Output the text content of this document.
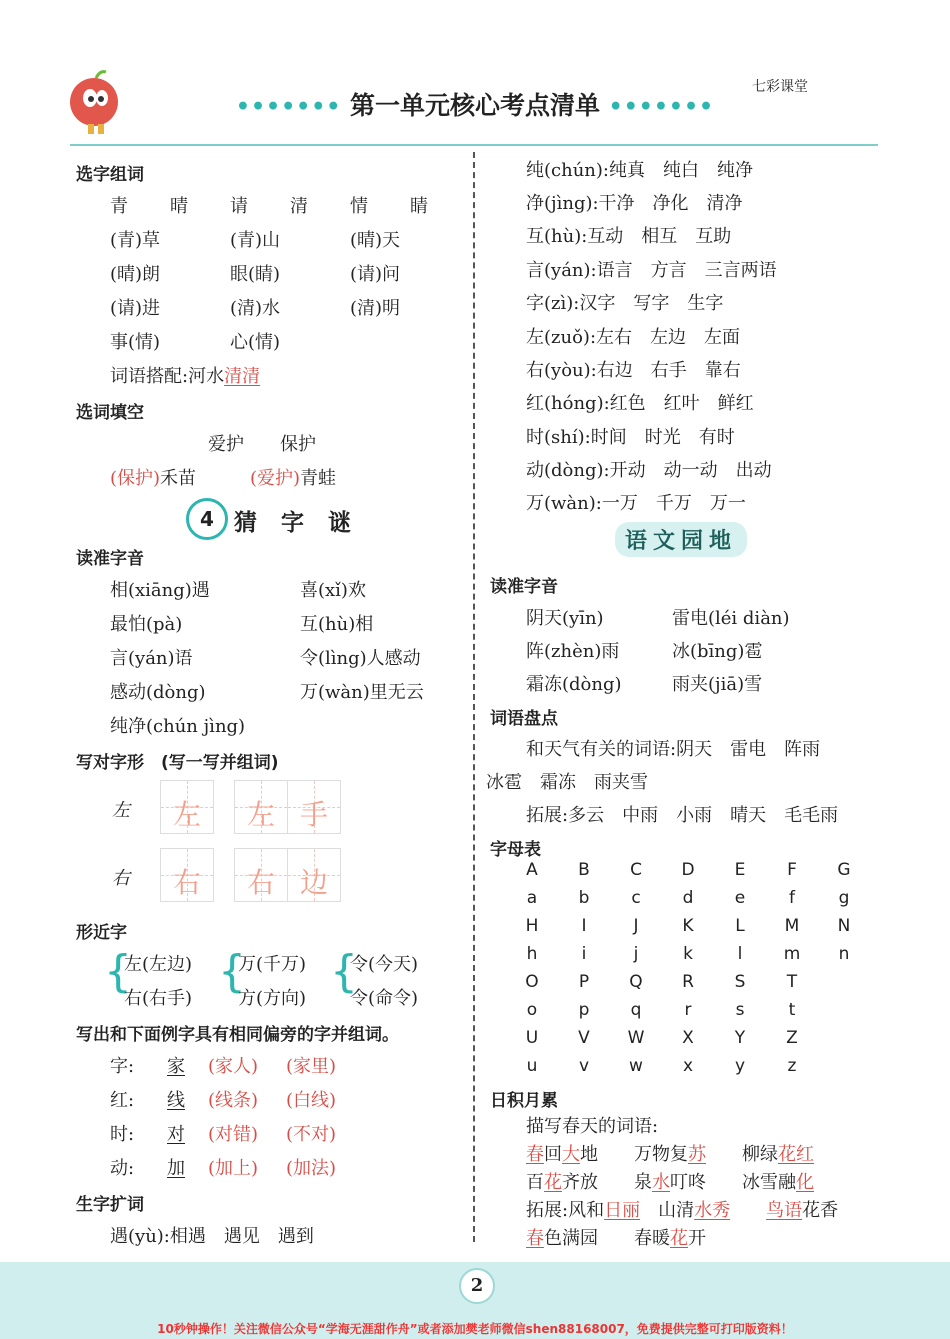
••••••• 第一单元核心考点清单 •••••••
七彩课堂
选字组词
青	晴	请	清	情	睛
(青)草	(青)山	(晴)天
(晴)朗	眼(睛)	(请)问
(请)进	(清)水	(清)明
事(情)	心(情)
词语搭配:河水清清
选词填空
爱护　　保护
(保护)禾苗	(爱护)青蛙
4 猜 字 谜
读准字音
相(xiāng)遇	喜(xǐ)欢
最怕(pà)	互(hù)相
言(yán)语	令(lìng)人感动
感动(dòng)	万(wàn)里无云
纯净(chún jìng)
写对字形　 (写一写并组词)
左	左	左 手
右	右	右 边
形近字
{
左(左边)
右(右手)
{
万(千万)
方(方向)
{
令(今天)
令(命令)
写出和下面例字具有相同偏旁的字并组词。
字:	家	(家人)	(家里)
红:	线	(线条)	(白线)
时:	对	(对错)	(不对)
动:	加	(加上)	(加法)
生字扩词
遇(yù):相遇　遇见　遇到
纯(chún):纯真　纯白　纯净
净(jìng):干净　净化　清净
互(hù):互动　相互　互助
言(yán):语言　方言　三言两语
字(zì):汉字　写字　生字
左(zuǒ):左右　左边　左面
右(yòu):右边　右手　靠右
红(hóng):红色　红叶　鲜红
时(shí):时间　时光　有时
动(dòng):开动　动一动　出动
万(wàn):一万　千万　万一
语文园地
读准字音
阴天(yīn)	雷电(léi diàn)
阵(zhèn)雨	冰(bīng)雹
霜冻(dòng)	雨夹(jiā)雪
词语盘点
和天气有关的词语:阴天　雷电　阵雨
冰雹　霜冻　雨夹雪
拓展:多云　中雨　小雨　晴天　毛毛雨
字母表
A	B	C	D	E	F	G
a	b	c	d	e	f	g
H	I	J	K	L	M	N
h	i	j	k	l	m	n
O	P	Q	R	S	T
o	p	q	r	s	t
U	V	W	X	Y	Z
u	v	w	x	y	z
日积月累
描写春天的词语:
春回大地　　万物复苏　　柳绿花红
百花齐放　　泉水叮咚　　冰雪融化
拓展:风和日丽　山清水秀　　 鸟语花香
春色满园　　春暖花开
2
10秒钟操作！关注微信公众号“学海无涯甜作舟”或者添加樊老师微信shen88168007，免费提供完整可打印版资料！
